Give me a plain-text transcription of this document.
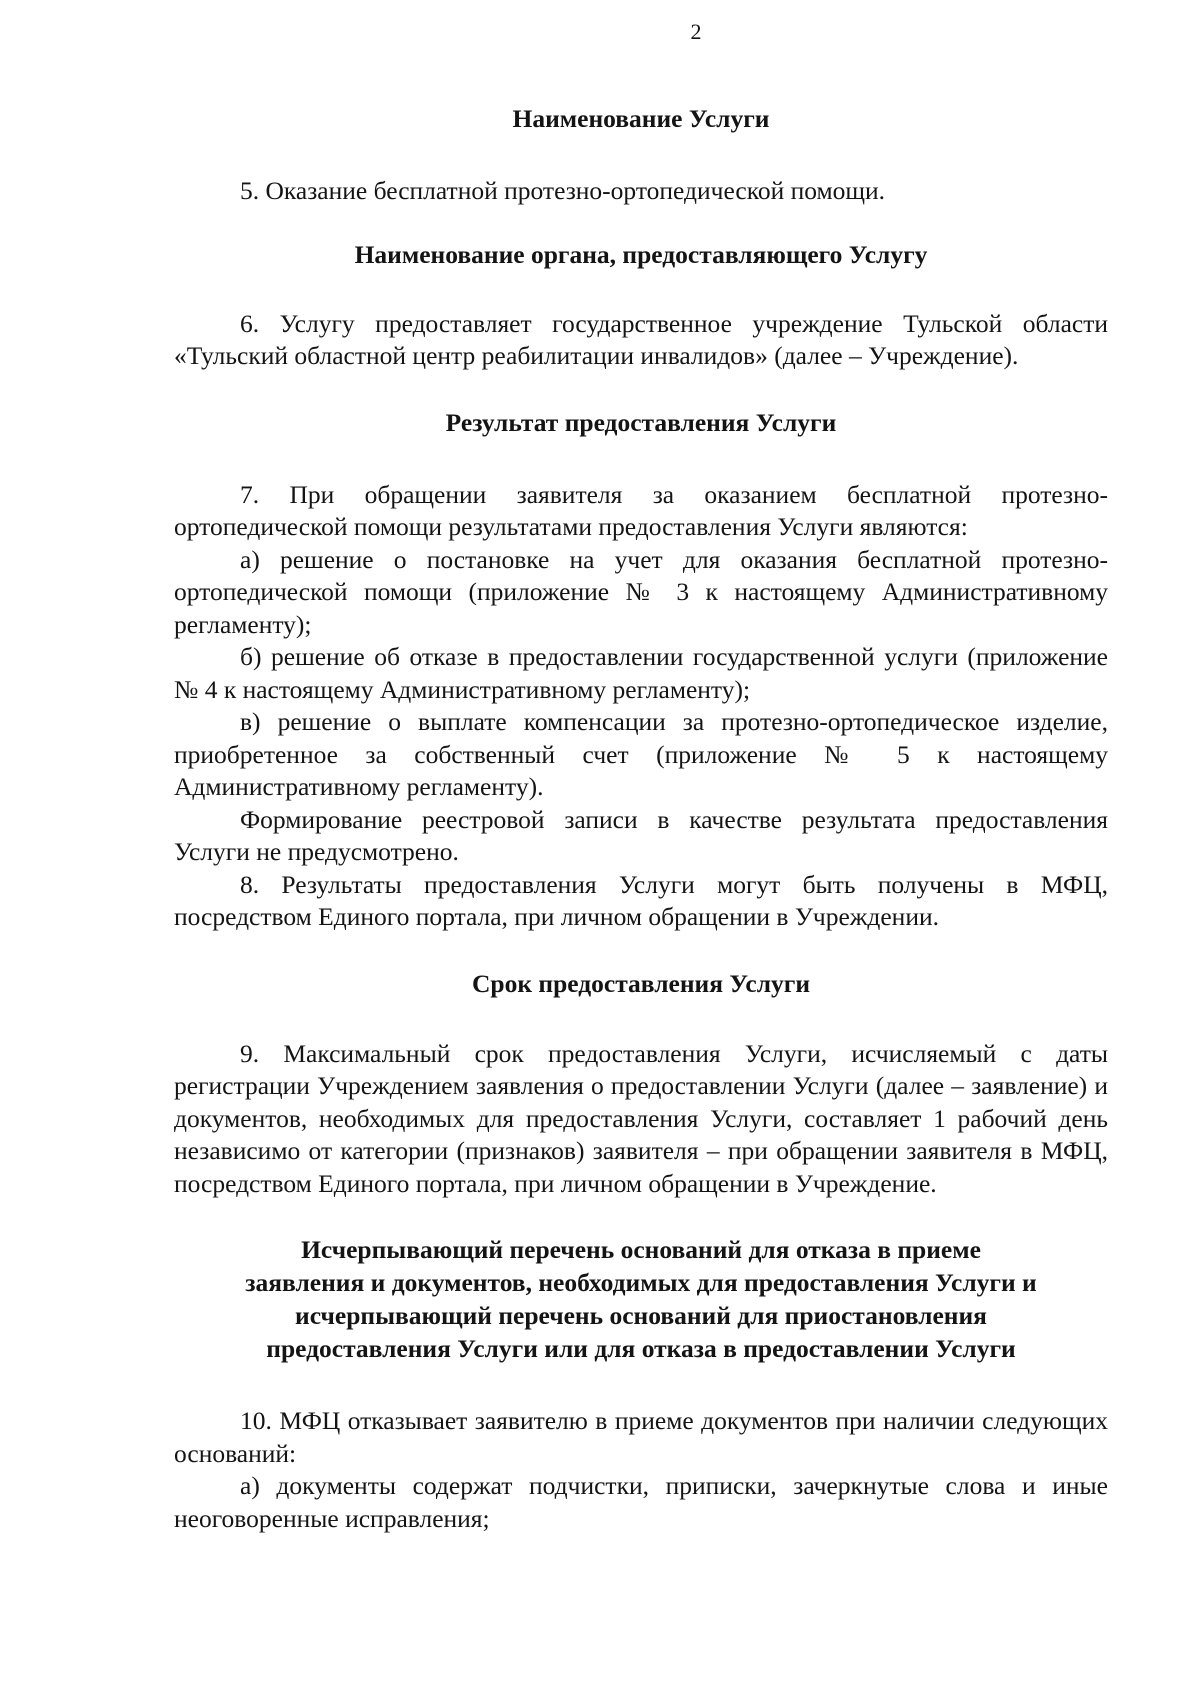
2
Наименование Услуги
5. Оказание бесплатной протезно-ортопедической помощи.
Наименование органа, предоставляющего Услугу
6. Услугу предоставляет государственное учреждение Тульской области «Тульский областной центр реабилитации инвалидов» (далее – Учреждение).
Результат предоставления Услуги
7. При обращении заявителя за оказанием бесплатной протезно-ортопедической помощи результатами предоставления Услуги являются:
а) решение о постановке на учет для оказания бесплатной протезно-ортопедической помощи (приложение № 3 к настоящему Административному регламенту);
б) решение об отказе в предоставлении государственной услуги (приложение № 4 к настоящему Административному регламенту);
в) решение о выплате компенсации за протезно-ортопедическое изделие, приобретенное за собственный счет (приложение № 5 к настоящему Административному регламенту).
Формирование реестровой записи в качестве результата предоставления Услуги не предусмотрено.
8. Результаты предоставления Услуги могут быть получены в МФЦ, посредством Единого портала, при личном обращении в Учреждении.
Срок предоставления Услуги
9. Максимальный срок предоставления Услуги, исчисляемый с даты регистрации Учреждением заявления о предоставлении Услуги (далее – заявление) и документов, необходимых для предоставления Услуги, составляет 1 рабочий день независимо от категории (признаков) заявителя – при обращении заявителя в МФЦ, посредством Единого портала, при личном обращении в Учреждение.
Исчерпывающий перечень оснований для отказа в приеме
заявления и документов, необходимых для предоставления Услуги и
исчерпывающий перечень оснований для приостановления
предоставления Услуги или для отказа в предоставлении Услуги
10. МФЦ отказывает заявителю в приеме документов при наличии следующих оснований:
а) документы содержат подчистки, приписки, зачеркнутые слова и иные неоговоренные исправления;
